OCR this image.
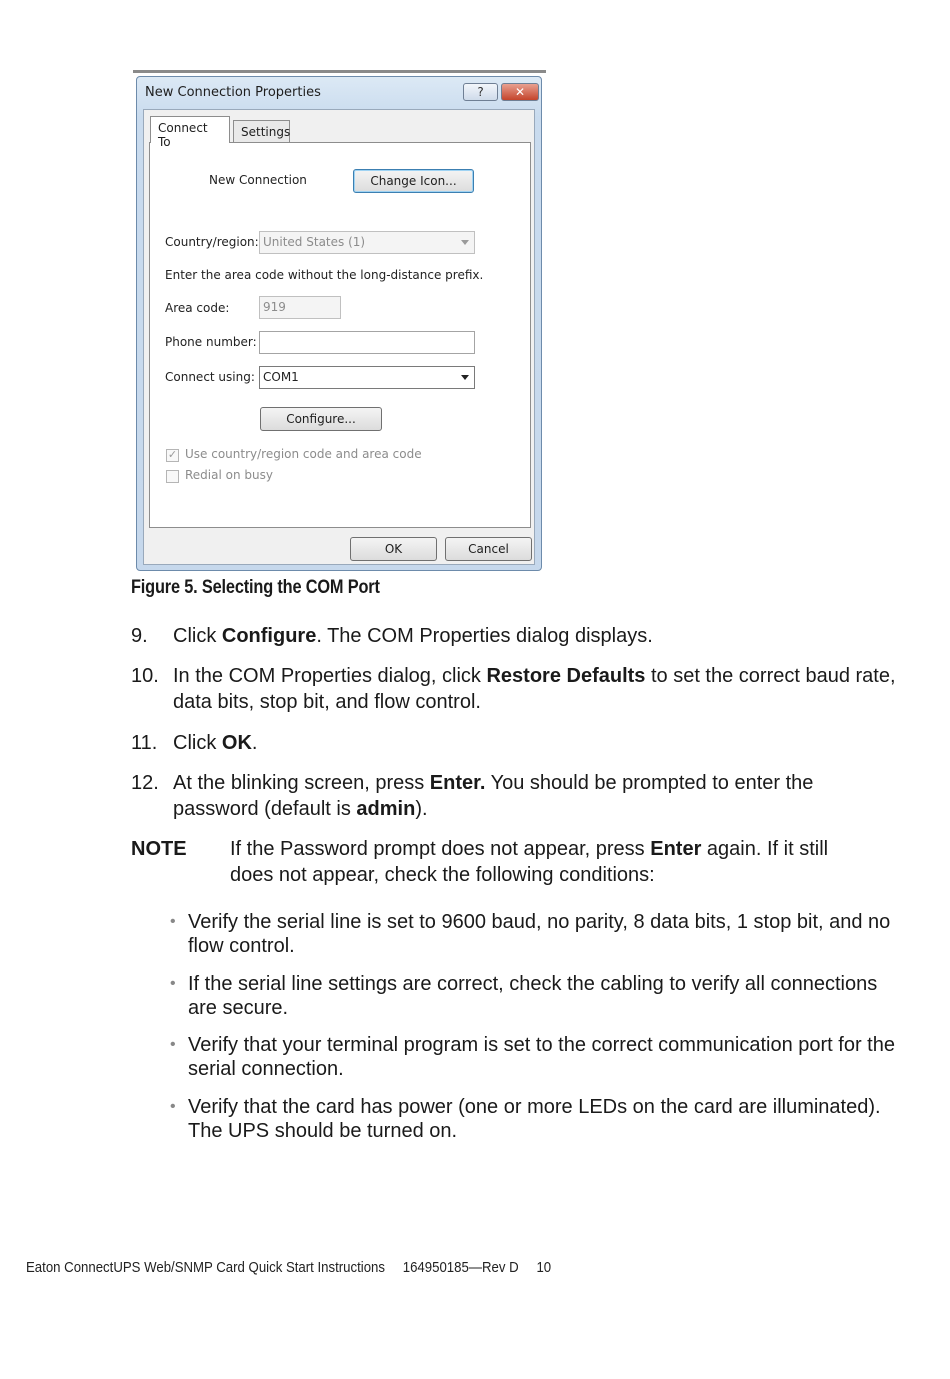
New Connection Properties	?	✕
Connect To
Settings
New Connection	Change Icon...
Country/region: United States (1)
Enter the area code without the long-distance prefix.
Area code:	919
Phone number:
Connect using: COM1
Configure...
✓ Use country/region code and area code
Redial on busy
OK	Cancel
Figure 5. Selecting the COM Port
9. Click Configure. The COM Properties dialog displays.
10. In the COM Properties dialog, click Restore Defaults to set the correct baud rate, data bits, stop bit, and flow control.
11. Click OK.
12. At the blinking screen, press Enter. You should be prompted to enter the password (default is admin).
NOTE If the Password prompt does not appear, press Enter again. If it still does not appear, check the following conditions:
• Verify the serial line is set to 9600 baud, no parity, 8 data bits, 1 stop bit, and no flow control.
• If the serial line settings are correct, check the cabling to verify all connections are secure.
• Verify that your terminal program is set to the correct communication port for the serial connection.
• Verify that the card has power (one or more LEDs on the card are illuminated). The UPS should be turned on.
Eaton ConnectUPS Web/SNMP Card Quick Start Instructions 164950185—Rev D 10
